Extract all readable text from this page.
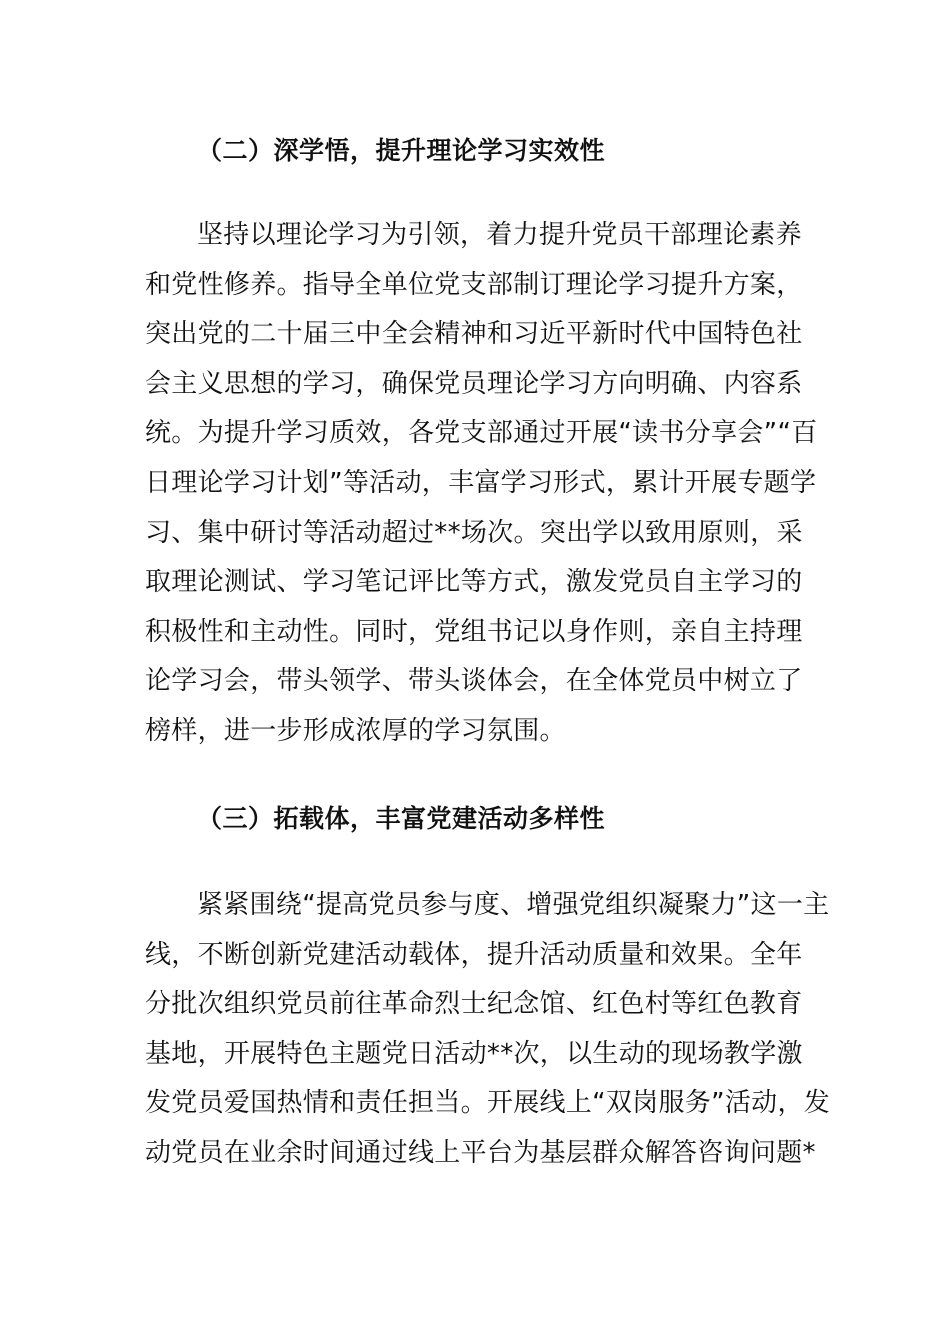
（二）深学悟，提升理论学习实效性
坚持以理论学习为引领，着力提升党员干部理论素养
和党性修养。指导全单位党支部制订理论学习提升方案，
突出党的二十届三中全会精神和习近平新时代中国特色社
会主义思想的学习，确保党员理论学习方向明确、内容系
统。为提升学习质效，各党支部通过开展“读书分享会”“百
日理论学习计划”等活动，丰富学习形式，累计开展专题学
习、集中研讨等活动超过**场次。突出学以致用原则，采
取理论测试、学习笔记评比等方式，激发党员自主学习的
积极性和主动性。同时，党组书记以身作则，亲自主持理
论学习会，带头领学、带头谈体会，在全体党员中树立了
榜样，进一步形成浓厚的学习氛围。
（三）拓载体，丰富党建活动多样性
紧紧围绕“提高党员参与度、增强党组织凝聚力”这一主
线，不断创新党建活动载体，提升活动质量和效果。全年
分批次组织党员前往革命烈士纪念馆、红色村等红色教育
基地，开展特色主题党日活动**次，以生动的现场教学激
发党员爱国热情和责任担当。开展线上“双岗服务”活动，发
动党员在业余时间通过线上平台为基层群众解答咨询问题*
